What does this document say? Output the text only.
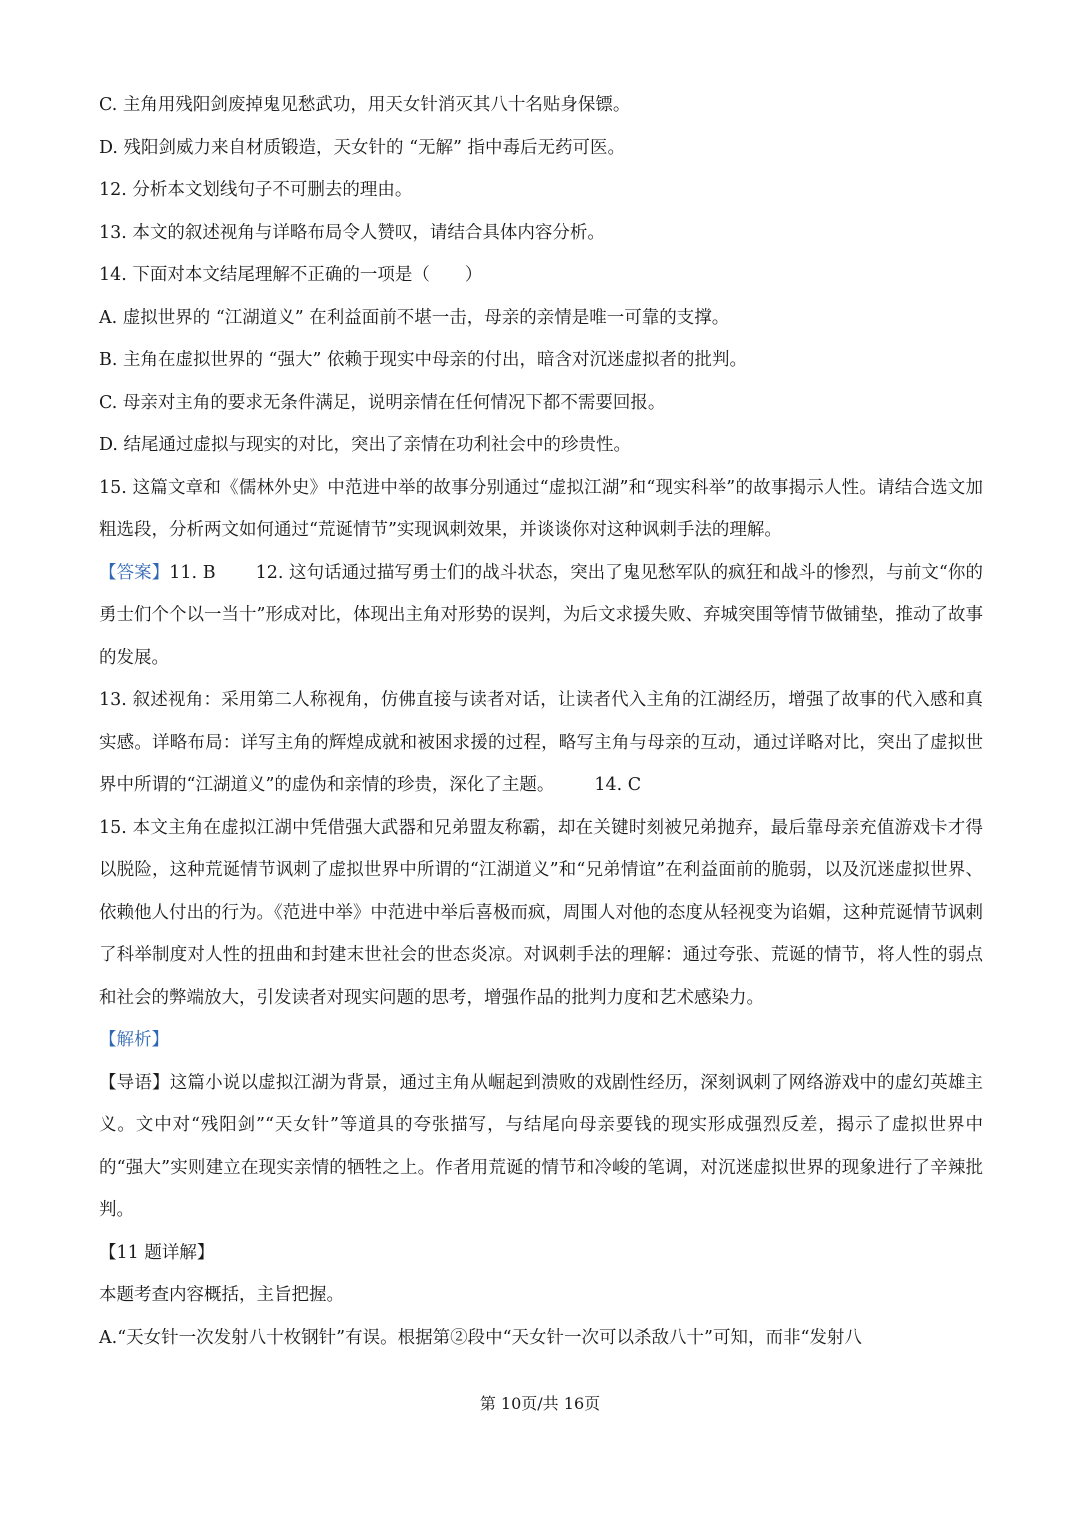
C. 主角用残阳剑废掉鬼见愁武功，用天女针消灭其八十名贴身保镖。
D. 残阳剑威力来自材质锻造，天女针的 “无解” 指中毒后无药可医。
12. 分析本文划线句子不可删去的理由。
13. 本文的叙述视角与详略布局令人赞叹，请结合具体内容分析。
14. 下面对本文结尾理解不正确的一项是（　　）
A. 虚拟世界的 “江湖道义” 在利益面前不堪一击，母亲的亲情是唯一可靠的支撑。
B. 主角在虚拟世界的 “强大” 依赖于现实中母亲的付出，暗含对沉迷虚拟者的批判。
C. 母亲对主角的要求无条件满足，说明亲情在任何情况下都不需要回报。
D. 结尾通过虚拟与现实的对比，突出了亲情在功利社会中的珍贵性。
15. 这篇文章和《儒林外史》中范进中举的故事分别通过“虚拟江湖”和“现实科举”的故事揭示人性。请结合选文加粗选段，分析两文如何通过“荒诞情节”实现讽刺效果，并谈谈你对这种讽刺手法的理解。
【答案】11. B 12. 这句话通过描写勇士们的战斗状态，突出了鬼见愁军队的疯狂和战斗的惨烈，与前文“你的勇士们个个以一当十”形成对比，体现出主角对形势的误判，为后文求援失败、弃城突围等情节做铺垫，推动了故事的发展。
13. 叙述视角：采用第二人称视角，仿佛直接与读者对话，让读者代入主角的江湖经历，增强了故事的代入感和真实感。详略布局：详写主角的辉煌成就和被困求援的过程，略写主角与母亲的互动，通过详略对比，突出了虚拟世界中所谓的“江湖道义”的虚伪和亲情的珍贵，深化了主题。 14. C
15. 本文主角在虚拟江湖中凭借强大武器和兄弟盟友称霸，却在关键时刻被兄弟抛弃，最后靠母亲充值游戏卡才得以脱险，这种荒诞情节讽刺了虚拟世界中所谓的“江湖道义”和“兄弟情谊”在利益面前的脆弱，以及沉迷虚拟世界、依赖他人付出的行为。《范进中举》中范进中举后喜极而疯，周围人对他的态度从轻视变为谄媚，这种荒诞情节讽刺了科举制度对人性的扭曲和封建末世社会的世态炎凉。对讽刺手法的理解：通过夸张、荒诞的情节，将人性的弱点和社会的弊端放大，引发读者对现实问题的思考，增强作品的批判力度和艺术感染力。
【解析】
【导语】这篇小说以虚拟江湖为背景，通过主角从崛起到溃败的戏剧性经历，深刻讽刺了网络游戏中的虚幻英雄主义。文中对“残阳剑”“天女针”等道具的夸张描写，与结尾向母亲要钱的现实形成强烈反差，揭示了虚拟世界中的“强大”实则建立在现实亲情的牺牲之上。作者用荒诞的情节和冷峻的笔调，对沉迷虚拟世界的现象进行了辛辣批判。
【11 题详解】
本题考查内容概括，主旨把握。
A.“天女针一次发射八十枚钢针”有误。根据第②段中“天女针一次可以杀敌八十”可知，而非“发射八
第 10页/共 16页
